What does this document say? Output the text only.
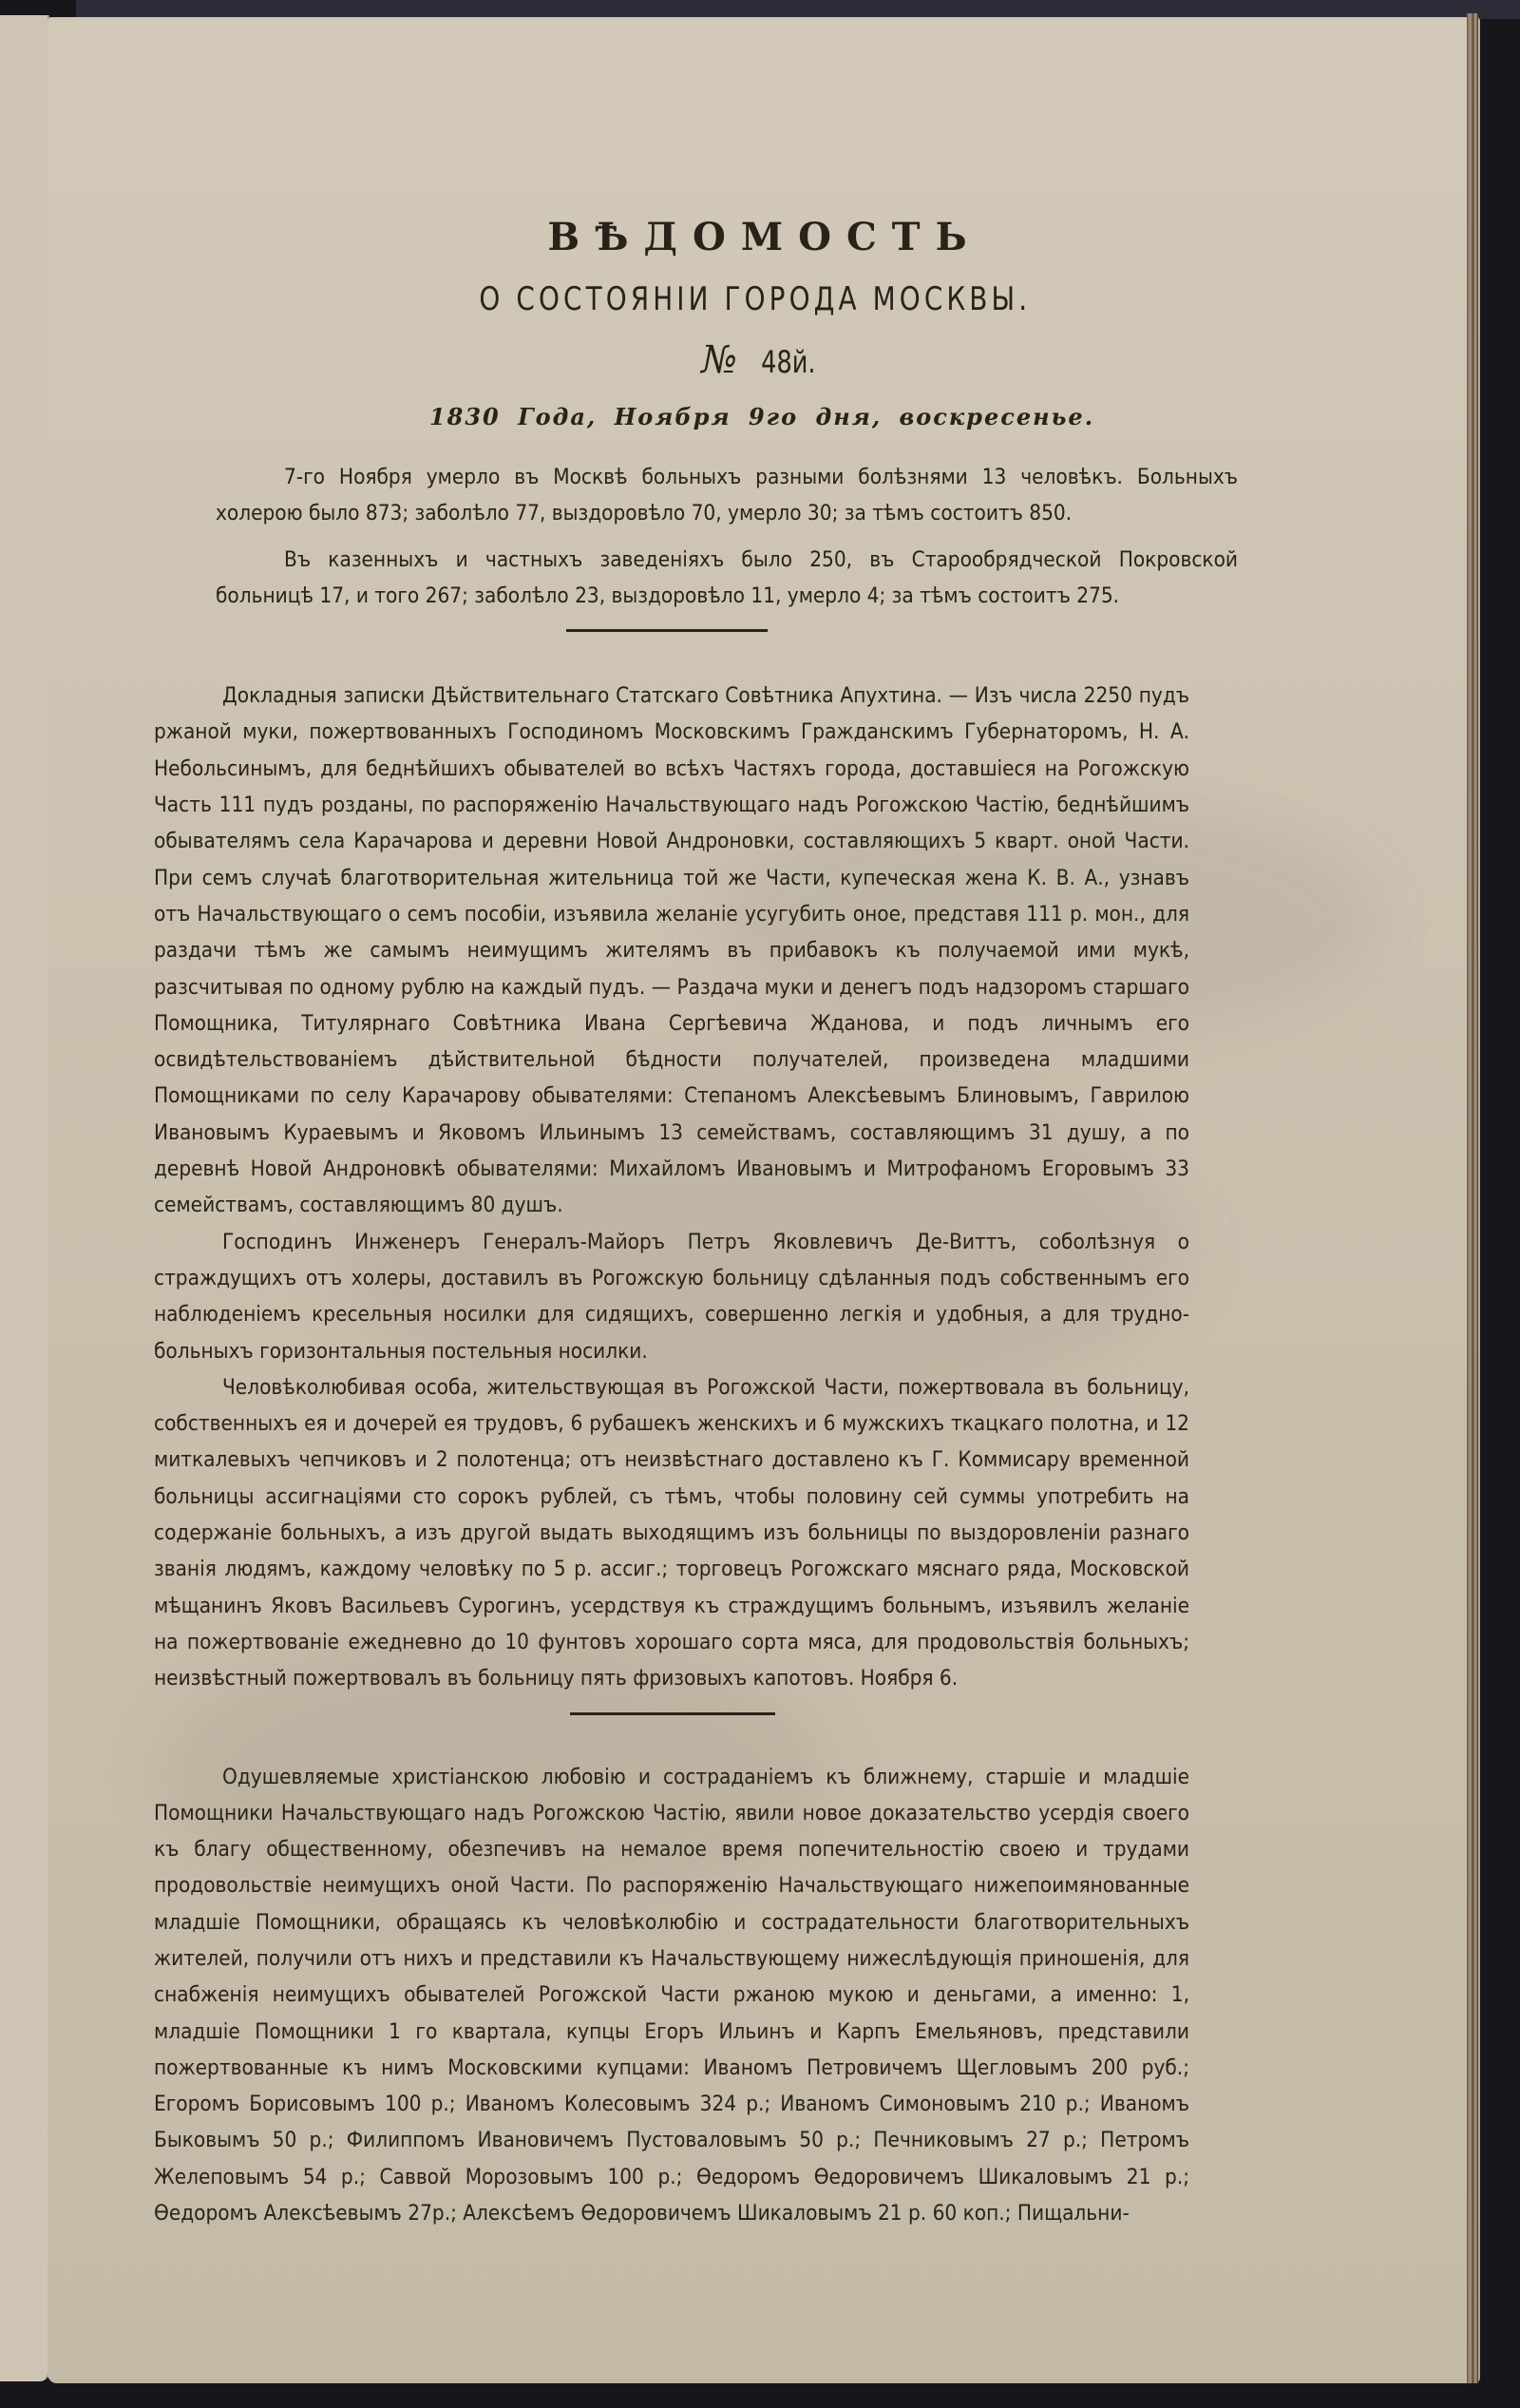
ВѢДОМОСТЬ
О СОСТОЯНІИ ГОРОДА МОСКВЫ.
№ 48й.
1830 Года, Ноября 9го дня, воскресенье.

7-го Ноября умерло въ Москвѣ больныхъ разными болѣзнями 13 человѣкъ. Больныхъ холерою было 873; заболѣло 77, выздоровѣло 70, умерло 30; за тѣмъ состоитъ 850.

Въ казенныхъ и частныхъ заведеніяхъ было 250, въ Старообрядческой Покровской больницѣ 17, и того 267; заболѣло 23, выздоровѣло 11, умерло 4; за тѣмъ состоитъ 275.

Докладныя записки Дѣйствительнаго Статскаго Совѣтника Апухтина. — Изъ числа 2250 пудъ ржаной муки, пожертвованныхъ Господиномъ Московскимъ Гражданскимъ Губернаторомъ, Н. А. Небольсинымъ, для беднѣйшихъ обывателей во всѣхъ Частяхъ города, доставшіеся на Рогожскую Часть 111 пудъ розданы, по распоряженію Начальствующаго надъ Рогожскою Частію, беднѣйшимъ обывателямъ села Карачарова и деревни Новой Андроновки, составляющихъ 5 кварт. оной Части. При семъ случаѣ благотворительная жительница той же Части, купеческая жена К. В. А., узнавъ отъ Начальствующаго о семъ пособіи, изъявила желаніе усугубить оное, представя 111 р. мон., для раздачи тѣмъ же самымъ неимущимъ жителямъ въ прибавокъ къ получаемой ими мукѣ, разсчитывая по одному рублю на каждый пудъ. — Раздача муки и денегъ подъ надзоромъ старшаго Помощника, Титулярнаго Совѣтника Ивана Сергѣевича Жданова, и подъ личнымъ его освидѣтельствованіемъ дѣйствительной бѣдности получателей, произведена младшими Помощниками по селу Карачарову обывателями: Степаномъ Алексѣевымъ Блиновымъ, Гаврилою Ивановымъ Кураевымъ и Яковомъ Ильинымъ 13 семействамъ, составляющимъ 31 душу, а по деревнѣ Новой Андроновкѣ обывателями: Михайломъ Ивановымъ и Митрофаномъ Егоровымъ 33 семействамъ, составляющимъ 80 душъ.

Господинъ Инженеръ Генералъ-Майоръ Петръ Яковлевичъ Де-Виттъ, соболѣзнуя о страждущихъ отъ холеры, доставилъ въ Рогожскую больницу сдѣланныя подъ собственнымъ его наблюденіемъ кресельныя носилки для сидящихъ, совершенно легкія и удобныя, а для трудно-больныхъ горизонтальныя постельныя носилки.

Человѣколюбивая особа, жительствующая въ Рогожской Части, пожертвовала въ больницу, собственныхъ ея и дочерей ея трудовъ, 6 рубашекъ женскихъ и 6 мужскихъ ткацкаго полотна, и 12 миткалевыхъ чепчиковъ и 2 полотенца; отъ неизвѣстнаго доставлено къ Г. Коммисару временной больницы ассигнаціями сто сорокъ рублей, съ тѣмъ, чтобы половину сей суммы употребить на содержаніе больныхъ, а изъ другой выдать выходящимъ изъ больницы по выздоровленіи разнаго званія людямъ, каждому человѣку по 5 р. ассиг.; торговецъ Рогожскаго мяснаго ряда, Московской мѣщанинъ Яковъ Васильевъ Сурогинъ, усердствуя къ страждущимъ больнымъ, изъявилъ желаніе на пожертвованіе ежедневно до 10 фунтовъ хорошаго сорта мяса, для продовольствія больныхъ; неизвѣстный пожертвовалъ въ больницу пять фризовыхъ капотовъ. Ноября 6.

Одушевляемые христіанскою любовію и состраданіемъ къ ближнему, старшіе и младшіе Помощники Начальствующаго надъ Рогожскою Частію, явили новое доказательство усердія своего къ благу общественному, обезпечивъ на немалое время попечительностію своею и трудами продовольствіе неимущихъ оной Части. По распоряженію Начальствующаго нижепоимянованные младшіе Помощники, обращаясь къ человѣколюбію и сострадательности благотворительныхъ жителей, получили отъ нихъ и представили къ Начальствующему нижеслѣдующія приношенія, для снабженія неимущихъ обывателей Рогожской Части ржаною мукою и деньгами, а именно: 1, младшіе Помощники 1 го квартала, купцы Егоръ Ильинъ и Карпъ Емельяновъ, представили пожертвованные къ нимъ Московскими купцами: Иваномъ Петровичемъ Щегловымъ 200 руб.; Егоромъ Борисовымъ 100 р.; Иваномъ Колесовымъ 324 р.; Иваномъ Симоновымъ 210 р.; Иваномъ Быковымъ 50 р.; Филиппомъ Ивановичемъ Пустоваловымъ 50 р.; Печниковымъ 27 р.; Петромъ Желеповымъ 54 р.; Саввой Морозовымъ 100 р.; Өедоромъ Өедоровичемъ Шикаловымъ 21 р.; Өедоромъ Алексѣевымъ 27р.; Алексѣемъ Өедоровичемъ Шикаловымъ 21 р. 60 коп.; Пищальни-
